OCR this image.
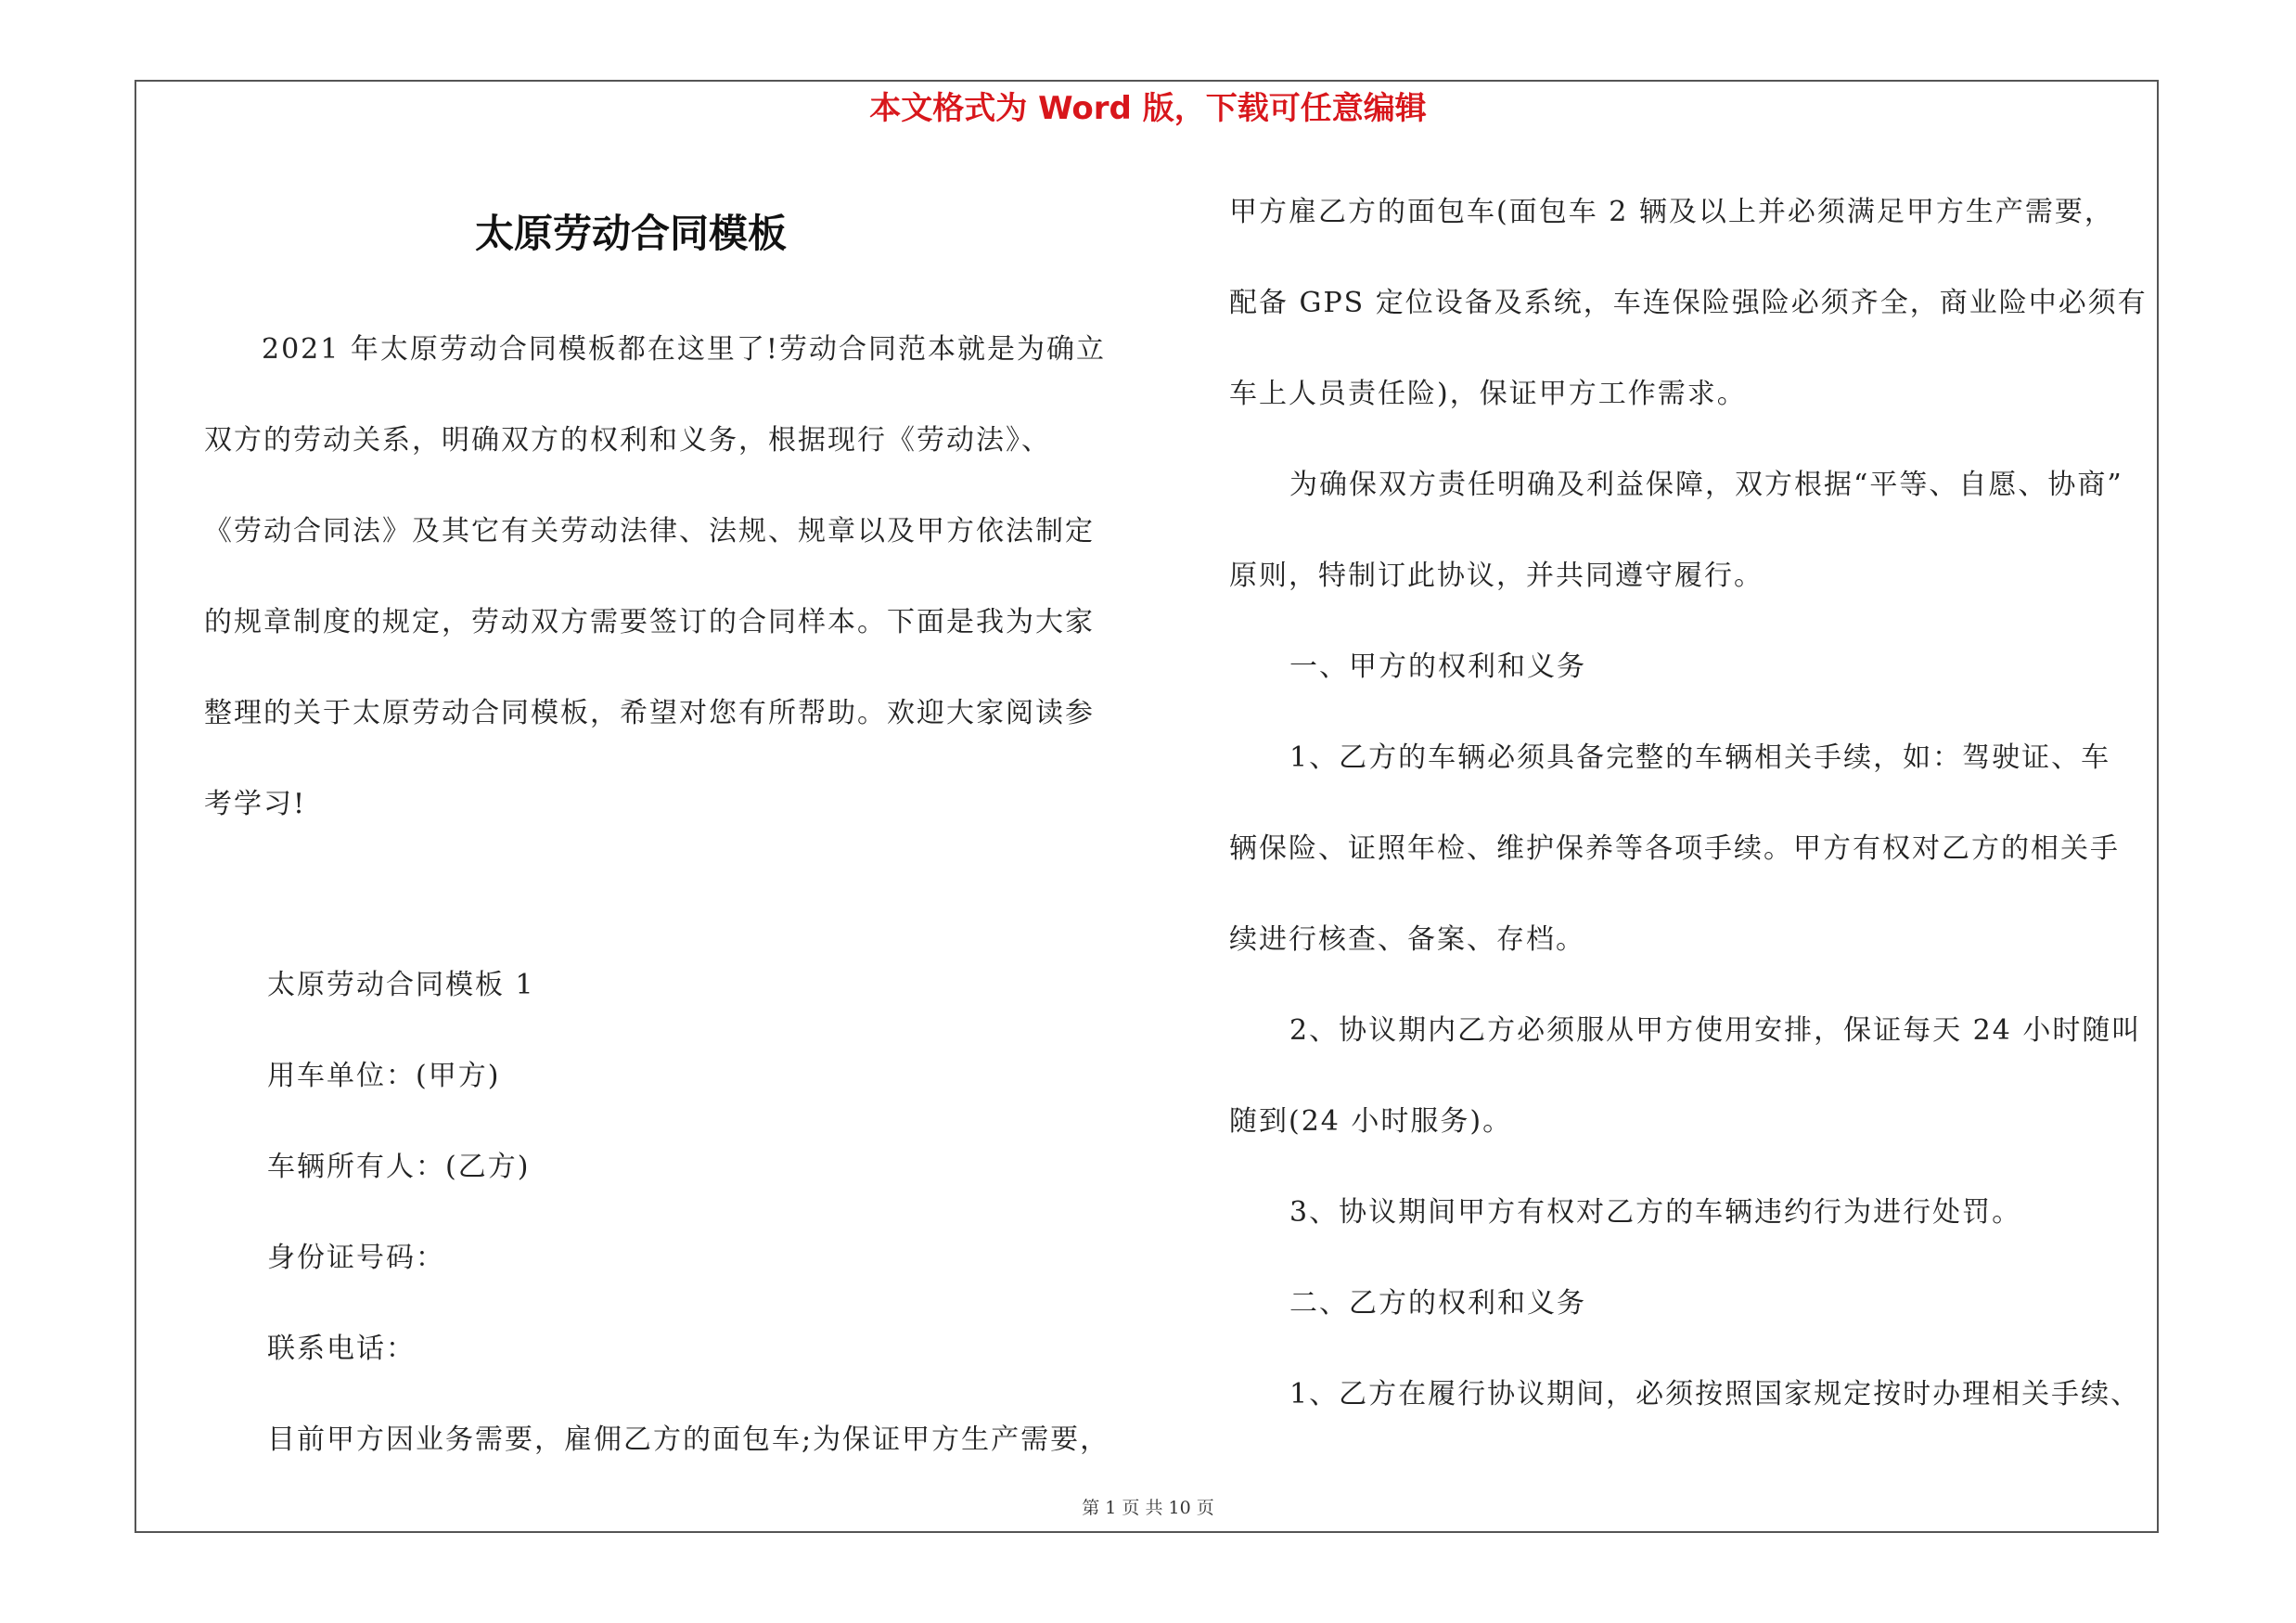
本文格式为 Word 版，下载可任意编辑
太原劳动合同模板
2021 年太原劳动合同模板都在这里了!劳动合同范本就是为确立
双方的劳动关系，明确双方的权利和义务，根据现行《劳动法》、
《劳动合同法》及其它有关劳动法律、法规、规章以及甲方依法制定
的规章制度的规定，劳动双方需要签订的合同样本。下面是我为大家
整理的关于太原劳动合同模板，希望对您有所帮助。欢迎大家阅读参
考学习!
太原劳动合同模板 1
用车单位：(甲方)
车辆所有人：(乙方)
身份证号码：
联系电话：
目前甲方因业务需要，雇佣乙方的面包车;为保证甲方生产需要，
甲方雇乙方的面包车(面包车 2 辆及以上并必须满足甲方生产需要，
配备 GPS 定位设备及系统，车连保险强险必须齐全，商业险中必须有
车上人员责任险)，保证甲方工作需求。
为确保双方责任明确及利益保障，双方根据“平等、自愿、协商”
原则，特制订此协议，并共同遵守履行。
一、甲方的权利和义务
1、乙方的车辆必须具备完整的车辆相关手续，如：驾驶证、车
辆保险、证照年检、维护保养等各项手续。甲方有权对乙方的相关手
续进行核查、备案、存档。
2、协议期内乙方必须服从甲方使用安排，保证每天 24 小时随叫
随到(24 小时服务)。
3、协议期间甲方有权对乙方的车辆违约行为进行处罚。
二、乙方的权利和义务
1、乙方在履行协议期间，必须按照国家规定按时办理相关手续、
第 1 页 共 10 页
